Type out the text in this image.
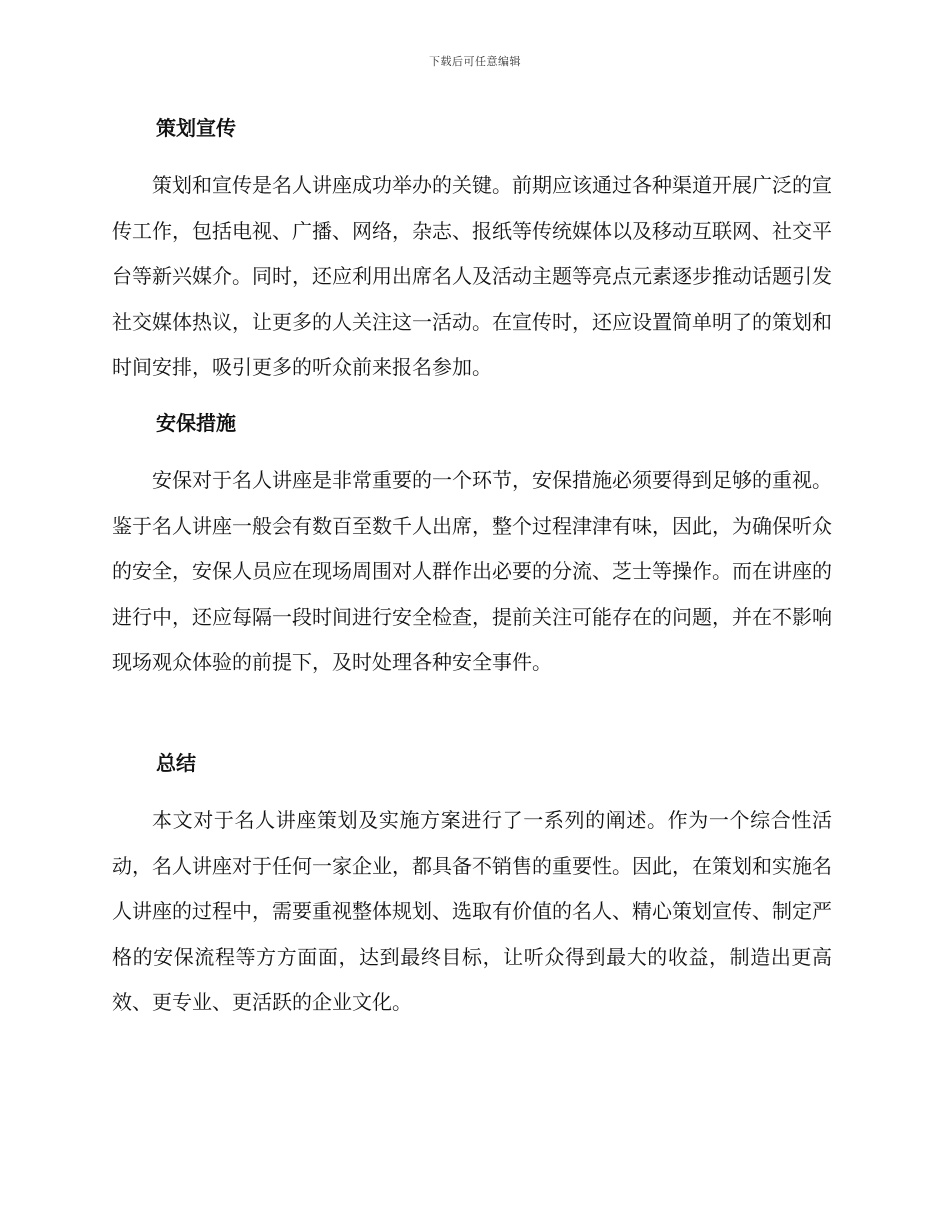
下载后可任意编辑
策划宣传

策划和宣传是名人讲座成功举办的关键。前期应该通过各种渠道开展广泛的宣传工作，包括电视、广播、网络，杂志、报纸等传统媒体以及移动互联网、社交平台等新兴媒介。同时，还应利用出席名人及活动主题等亮点元素逐步推动话题引发社交媒体热议，让更多的人关注这一活动。在宣传时，还应设置简单明了的策划和时间安排，吸引更多的听众前来报名参加。

安保措施

安保对于名人讲座是非常重要的一个环节，安保措施必须要得到足够的重视。鉴于名人讲座一般会有数百至数千人出席，整个过程津津有味，因此，为确保听众的安全，安保人员应在现场周围对人群作出必要的分流、芝士等操作。而在讲座的进行中，还应每隔一段时间进行安全检查，提前关注可能存在的问题，并在不影响现场观众体验的前提下，及时处理各种安全事件。

总结

本文对于名人讲座策划及实施方案进行了一系列的阐述。作为一个综合性活动，名人讲座对于任何一家企业，都具备不销售的重要性。因此，在策划和实施名人讲座的过程中，需要重视整体规划、选取有价值的名人、精心策划宣传、制定严格的安保流程等方方面面，达到最终目标，让听众得到最大的收益，制造出更高效、更专业、更活跃的企业文化。
